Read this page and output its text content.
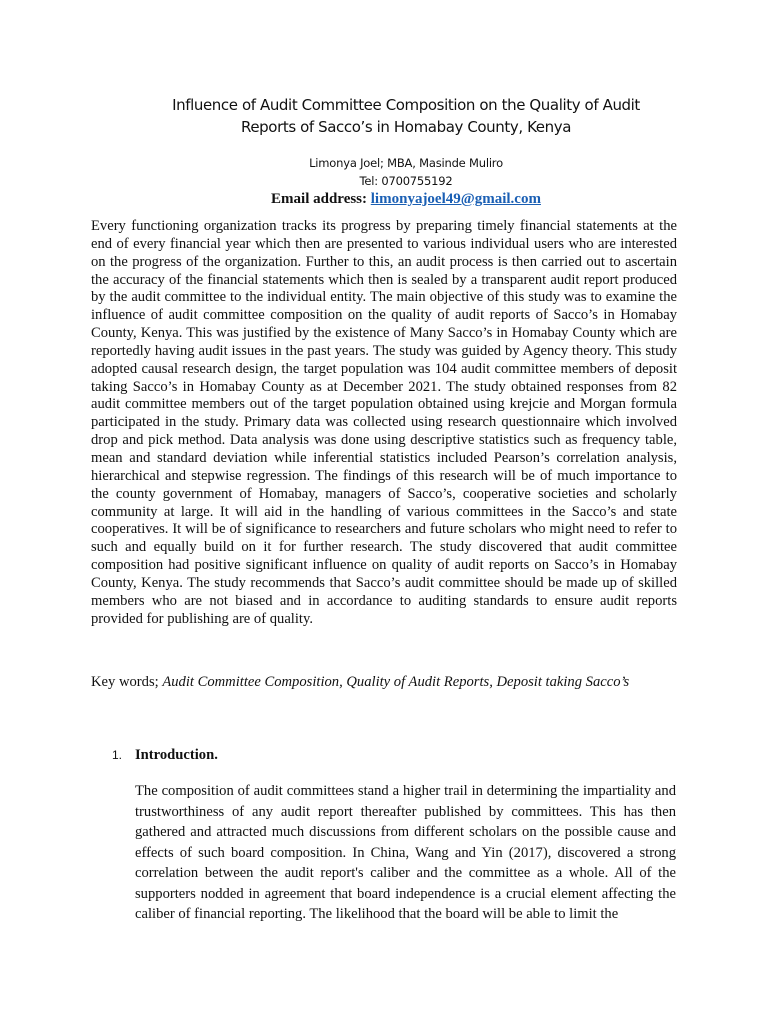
Influence of Audit Committee Composition on the Quality of Audit
Reports of Sacco’s in Homabay County, Kenya
Limonya Joel; MBA, Masinde Muliro
Tel: 0700755192
Email address: limonyajoel49@gmail.com

Every functioning organization tracks its progress by preparing timely financial statements at the end of every financial year which then are presented to various individual users who are interested on the progress of the organization. Further to this, an audit process is then carried out to ascertain the accuracy of the financial statements which then is sealed by a transparent audit report produced by the audit committee to the individual entity. The main objective of this study was to examine the influence of audit committee composition on the quality of audit reports of Sacco’s in Homabay County, Kenya. This was justified by the existence of Many Sacco’s in Homabay County which are reportedly having audit issues in the past years. The study was guided by Agency theory. This study adopted causal research design, the target population was 104 audit committee members of deposit taking Sacco’s in Homabay County as at December 2021. The study obtained responses from 82 audit committee members out of the target population obtained using krejcie and Morgan formula participated in the study. Primary data was collected using research questionnaire which involved drop and pick method. Data analysis was done using descriptive statistics such as frequency table, mean and standard deviation while inferential statistics included Pearson’s correlation analysis, hierarchical and stepwise regression. The findings of this research will be of much importance to the county government of Homabay, managers of Sacco’s, cooperative societies and scholarly community at large. It will aid in the handling of various committees in the Sacco’s and state cooperatives. It will be of significance to researchers and future scholars who might need to refer to such and equally build on it for further research. The study discovered that audit committee composition had positive significant influence on quality of audit reports on Sacco’s in Homabay County, Kenya. The study recommends that Sacco’s audit committee should be made up of skilled members who are not biased and in accordance to auditing standards to ensure audit reports provided for publishing are of quality.

Key words; Audit Committee Composition, Quality of Audit Reports, Deposit taking Sacco’s
1. Introduction.

The composition of audit committees stand a higher trail in determining the impartiality and trustworthiness of any audit report thereafter published by committees. This has then gathered and attracted much discussions from different scholars on the possible cause and effects of such board composition. In China, Wang and Yin (2017), discovered a strong correlation between the audit report's caliber and the committee as a whole. All of the supporters nodded in agreement that board independence is a crucial element affecting the caliber of financial reporting. The likelihood that the board will be able to limit the
